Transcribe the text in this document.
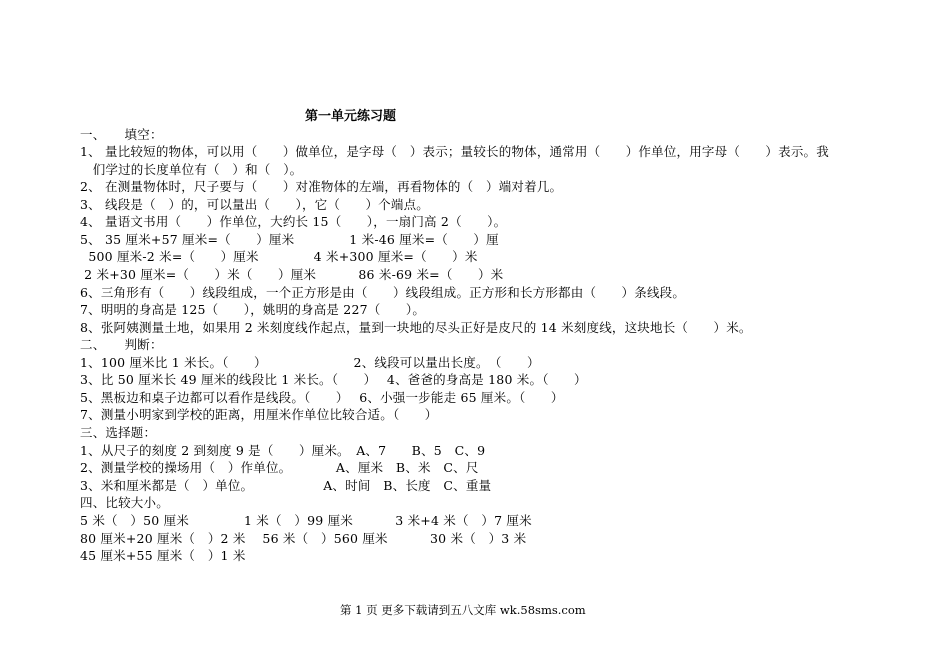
第一单元练习题
一、　　填空：
1、 量比较短的物体，可以用（　　）做单位，是字母（　）表示；量较长的物体，通常用（　　）作单位，用字母（　　）表示。我
　们学过的长度单位有（　）和（　）。
2、 在测量物体时，尺子要与（　　）对准物体的左端，再看物体的（　）端对着几。
3、 线段是（　）的，可以量出（　　），它（　　）个端点。
4、 量语文书用（　　）作单位，大约长 15（　　），一扇门高 2（　　）。
5、 35 厘米+57 厘米=（　　）厘米　　　　 1 米-46 厘米=（　　）厘
500 厘米-2 米=（　　）厘米　　　　 4 米+300 厘米=（　　）米
2 米+30 厘米=（　　）米（　　）厘米　　　 86 米-69 米=（　　）米
6、三角形有（　　）线段组成，一个正方形是由（　　）线段组成。正方形和长方形都由（　　）条线段。
7、明明的身高是 125（　　），姚明的身高是 227（　　）。
8、张阿姨测量土地，如果用 2 米刻度线作起点，量到一块地的尽头正好是皮尺的 14 米刻度线，这块地长（　　）米。
二、　　判断：
1、100 厘米比 1 米长。（　　）　　　　　　　 2、线段可以量出长度。　（　　）
3、比 50 厘米长 49 厘米的线段比 1 米长。（　　）　 4、爸爸的身高是 180 米。（　　）
5、黑板边和桌子边都可以看作是线段。（　　）　 6、小强一步能走 65 厘米。（　　）
7、测量小明家到学校的距离，用厘米作单位比较合适。（　　）
三、选择题：
1、从尺子的刻度 2 到刻度 9 是（　　）厘米。　A、7　　B、5　C、9
2、测量学校的操场用（　）作单位。　　　　A、厘米　B、米　C、尺
3、米和厘米都是（　）单位。　　　　　　A、时间　B、长度　C、重量
四、比较大小。
5 米（　）50 厘米　　　　 1 米（　）99 厘米　　　 3 米+4 米（　）7 厘米
80 厘米+20 厘米（　）2 米　 56 米（　）560 厘米　　　 30 米（　）3 米
45 厘米+55 厘米（　）1 米
第 1 页 更多下载请到五八文库 wk.58sms.com
